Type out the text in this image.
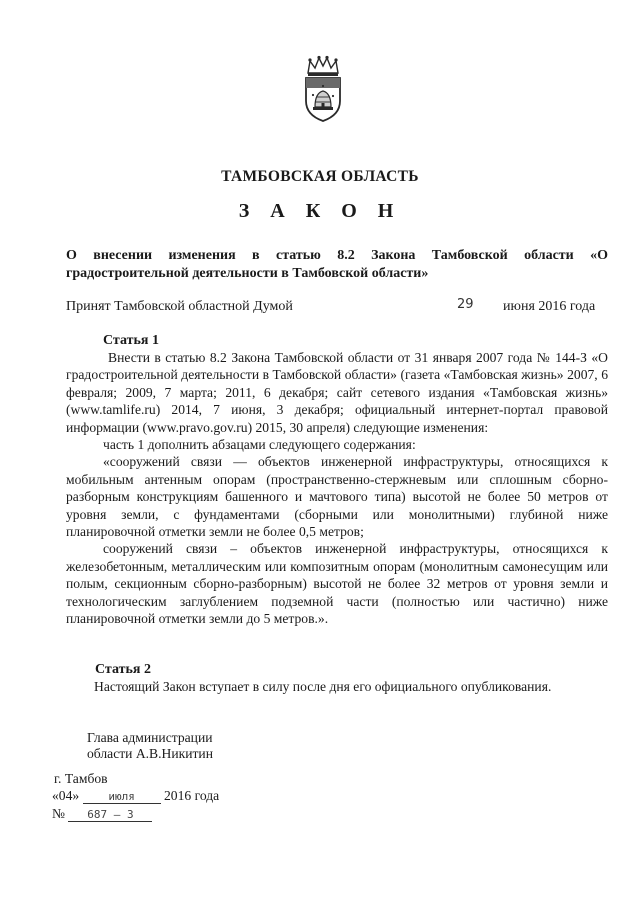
ТАМБОВСКАЯ ОБЛАСТЬ
З А К О Н
О внесении изменения в статью 8.2 Закона Тамбовской области «О градостроительной деятельности в Тамбовской области»
Принят Тамбовской областной Думой	29 июня 2016 года
Статья 1

Внести в статью 8.2 Закона Тамбовской области от 31 января 2007 года № 144-З «О градостроительной деятельности в Тамбовской области» (газета «Тамбовская жизнь» 2007, 6 февраля; 2009, 7 марта; 2011, 6 декабря; сайт сетевого издания «Тамбовская жизнь» (www.tamlife.ru) 2014, 7 июня, 3 декабря; официальный интернет-портал правовой информации (www.pravo.gov.ru) 2015, 30 апреля) следующие изменения:

часть 1 дополнить абзацами следующего содержания:

«сооружений связи — объектов инженерной инфраструктуры, относящихся к мобильным антенным опорам (пространственно-стержневым или сплошным сборно-разборным конструкциям башенного и мачтового типа) высотой не более 50 метров от уровня земли, с фундаментами (сборными или монолитными) глубиной ниже планировочной отметки земли не более 0,5 метров;

сооружений связи – объектов инженерной инфраструктуры, относящихся к железобетонным, металлическим или композитным опорам (монолитным самонесущим или полым, секционным сборно-разборным) высотой не более 32 метров от уровня земли и технологическим заглублением подземной части (полностью или частично) ниже планировочной отметки земли до 5 метров.».

Статья 2
Настоящий Закон вступает в силу после дня его официального опубликования.
Глава администрации
области А.В.Никитин
г. Тамбов
«04»	июля 2016 года
№ 687 – З
